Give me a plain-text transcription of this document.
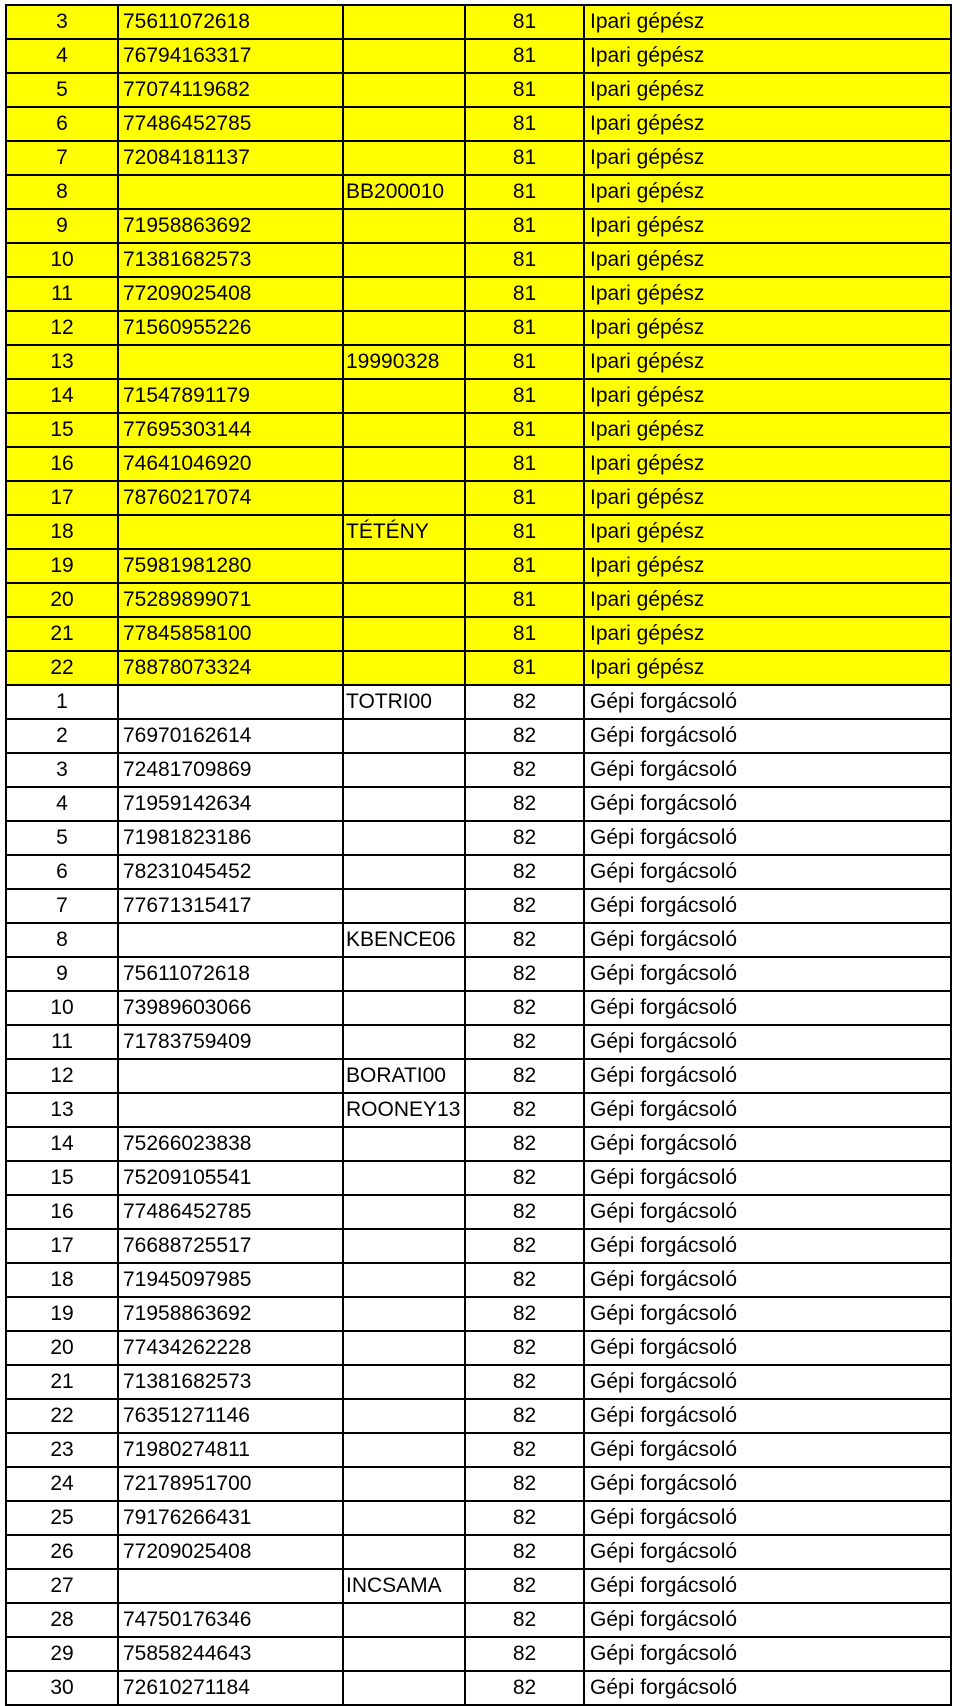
3	75611072618		81	Ipari gépész
4	76794163317		81	Ipari gépész
5	77074119682		81	Ipari gépész
6	77486452785		81	Ipari gépész
7	72084181137		81	Ipari gépész
8		BB200010	81	Ipari gépész
9	71958863692		81	Ipari gépész
10	71381682573		81	Ipari gépész
11	77209025408		81	Ipari gépész
12	71560955226		81	Ipari gépész
13		19990328	81	Ipari gépész
14	71547891179		81	Ipari gépész
15	77695303144		81	Ipari gépész
16	74641046920		81	Ipari gépész
17	78760217074		81	Ipari gépész
18		TÉTÉNY	81	Ipari gépész
19	75981981280		81	Ipari gépész
20	75289899071		81	Ipari gépész
21	77845858100		81	Ipari gépész
22	78878073324		81	Ipari gépész
1		TOTRI00	82	Gépi forgácsoló
2	76970162614		82	Gépi forgácsoló
3	72481709869		82	Gépi forgácsoló
4	71959142634		82	Gépi forgácsoló
5	71981823186		82	Gépi forgácsoló
6	78231045452		82	Gépi forgácsoló
7	77671315417		82	Gépi forgácsoló
8		KBENCE06	82	Gépi forgácsoló
9	75611072618		82	Gépi forgácsoló
10	73989603066		82	Gépi forgácsoló
11	71783759409		82	Gépi forgácsoló
12		BORATI00	82	Gépi forgácsoló
13		ROONEY13	82	Gépi forgácsoló
14	75266023838		82	Gépi forgácsoló
15	75209105541		82	Gépi forgácsoló
16	77486452785		82	Gépi forgácsoló
17	76688725517		82	Gépi forgácsoló
18	71945097985		82	Gépi forgácsoló
19	71958863692		82	Gépi forgácsoló
20	77434262228		82	Gépi forgácsoló
21	71381682573		82	Gépi forgácsoló
22	76351271146		82	Gépi forgácsoló
23	71980274811		82	Gépi forgácsoló
24	72178951700		82	Gépi forgácsoló
25	79176266431		82	Gépi forgácsoló
26	77209025408		82	Gépi forgácsoló
27		INCSAMA	82	Gépi forgácsoló
28	74750176346		82	Gépi forgácsoló
29	75858244643		82	Gépi forgácsoló
30	72610271184		82	Gépi forgácsoló
